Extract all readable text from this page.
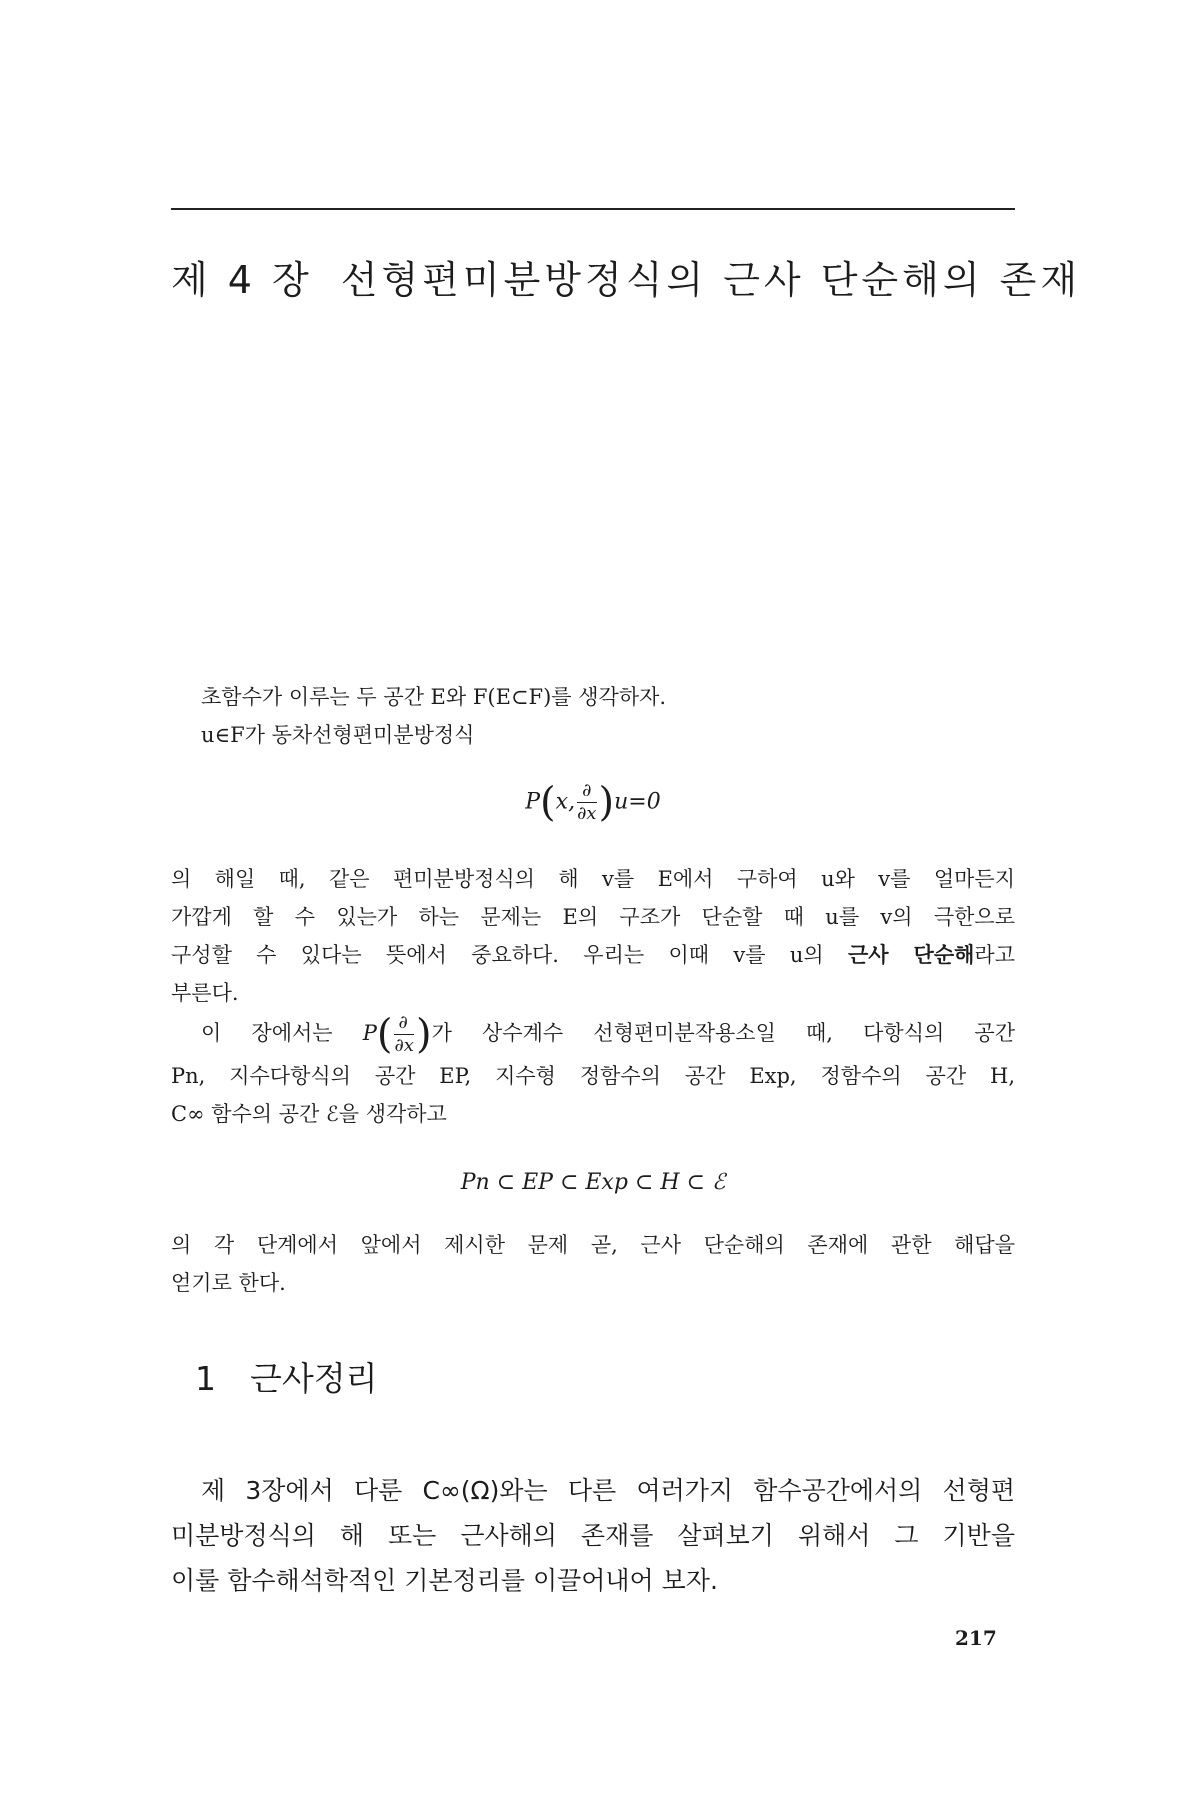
제 4 장 선형편미분방정식의 근사 단순해의 존재
초함수가 이루는 두 공간 E와 F(E⊂F)를 생각하자.
u∈F가 동차선형편미분방정식
P(x, $\frac{\partial}{\partial x} )u=0$
의 해일 때, 같은 편미분방정식의 해 v를 E에서 구하여 u와 v를 얼마든지
가깝게 할 수 있는가 하는 문제는 E의 구조가 단순할 때 u를 v의 극한으로
구성할 수 있다는 뜻에서 중요하다. 우리는 이때 v를 u의 근사 단순해라고
부른다.
이 장에서는 $P( \frac{\partial}{\partial x}$ )가 상수계수 선형편미분작용소일 때, 다항식의 공간
Pn, 지수다항식의 공간 EP, 지수형 정함수의 공간 Exp, 정함수의 공간 H,
C∞ 함수의 공간 ℰ을 생각하고
Pn ⊂ EP ⊂ Exp ⊂ H ⊂ ℰ
의 각 단계에서 앞에서 제시한 문제 곧, 근사 단순해의 존재에 관한 해답을
얻기로 한다.
1 근사정리
제 3장에서 다룬 C∞(Ω)와는 다른 여러가지 함수공간에서의 선형편
미분방정식의 해 또는 근사해의 존재를 살펴보기 위해서 그 기반을
이룰 함수해석학적인 기본정리를 이끌어내어 보자.
217
